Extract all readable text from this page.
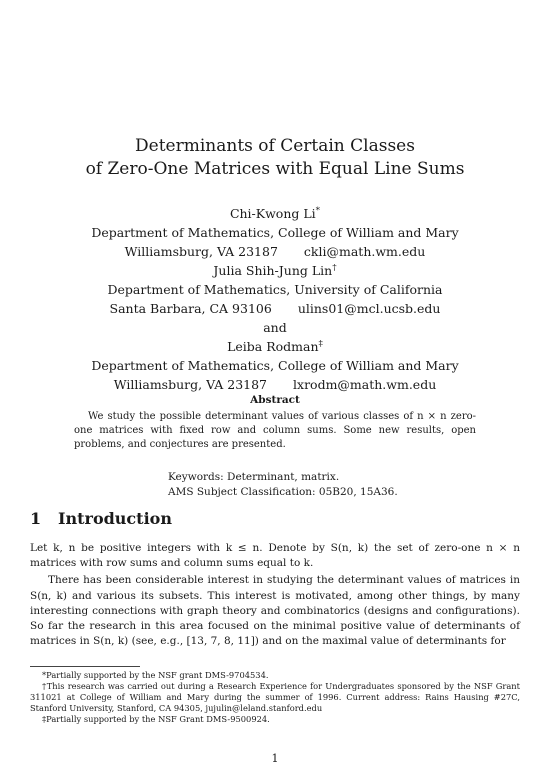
Determinants of Certain Classes
of Zero-One Matrices with Equal Line Sums
Chi-Kwong Li*
Department of Mathematics, College of William and Mary
Williamsburg, VA 23187 ckli@math.wm.edu
Julia Shih-Jung Lin†
Department of Mathematics, University of California
Santa Barbara, CA 93106 ulins01@mcl.ucsb.edu
and
Leiba Rodman‡
Department of Mathematics, College of William and Mary
Williamsburg, VA 23187 lxrodm@math.wm.edu
Abstract
We study the possible determinant values of various classes of n × n zero-one matrices with fixed row and column sums. Some new results, open problems, and conjectures are presented.
Keywords: Determinant, matrix.
AMS Subject Classification: 05B20, 15A36.
1 Introduction

Let k, n be positive integers with k ≤ n. Denote by S(n, k) the set of zero-one n × n matrices with row sums and column sums equal to k.

There has been considerable interest in studying the determinant values of matrices in S(n, k) and various its subsets. This interest is motivated, among other things, by many interesting connections with graph theory and combinatorics (designs and configurations). So far the research in this area focused on the minimal positive value of determinants of matrices in S(n, k) (see, e.g., [13, 7, 8, 11]) and on the maximal value of determinants for

*Partially supported by the NSF grant DMS-9704534.

†This research was carried out during a Research Experience for Undergraduates sponsored by the NSF Grant 311021 at College of William and Mary during the summer of 1996. Current address: Rains Hausing #27C, Stanford University, Stanford, CA 94305, jujulin@leland.stanford.edu

‡Partially supported by the NSF Grant DMS-9500924.

1
